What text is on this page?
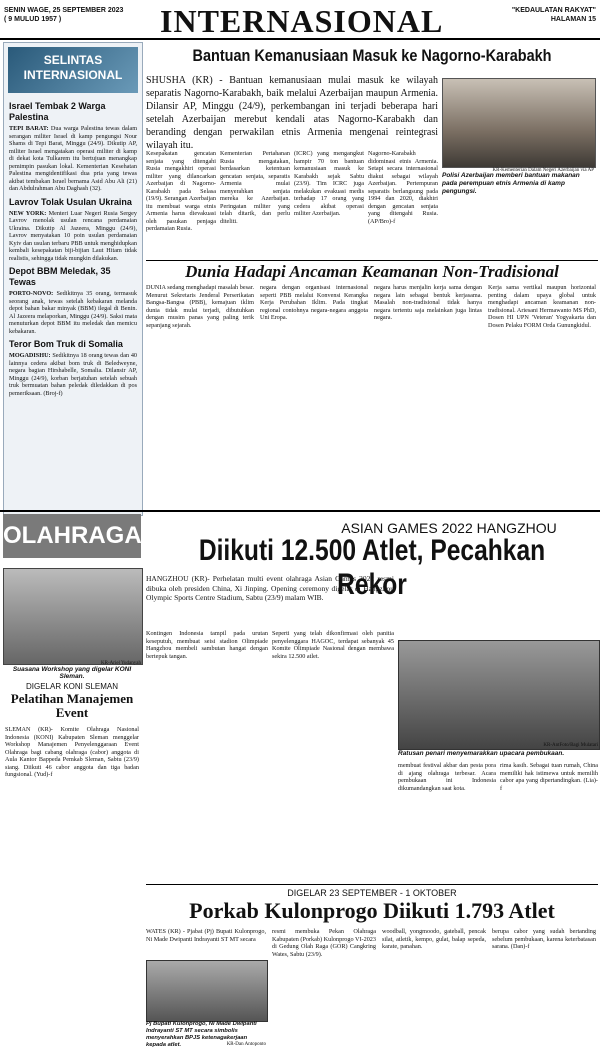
SENIN WAGE, 25 SEPTEMBER 2023
( 9 MULUD 1957 )	INTERNASIONAL	"KEDAULATAN RAKYAT"
HALAMAN 15
SELINTAS INTERNASIONAL
Israel Tembak 2 Warga Palestina
TEPI BARAT: Dua warga Palestina tewas dalam serangan militer Israel di kamp pengungsi Nour Shams di Tepi Barat, Minggu (24/9). Dikutip AP, militer Israel mengatakan operasi militer di kamp di dekat kota Tulkarem itu bertujuan menangkap pemimpin pasukan lokal. Kementerian Kesehatan Palestina mengidentifikasi dua pria yang tewas akibat tembakan Israel bernama Asid Abu Ali (21) dan Abdulrahman Abu Daghash (32).
Lavrov Tolak Usulan Ukraina
NEW YORK: Menteri Luar Negeri Rusia Sergey Lavrov menolak usulan rencana perdamaian Ukraina. Dikutip Al Jazeera, Minggu (24/9), Lavrov menyatakan 10 poin usulan perdamaian Kyiv dan usulan terbaru PBB untuk menghidupkan kembali kesepakatan biji-bijian Laut Hitam tidak realistis, sehingga tidak mungkin dilakukan.
Depot BBM Meledak, 35 Tewas
PORTO-NOVO: Sedikitnya 35 orang, termasuk seorang anak, tewas setelah kebakaran melanda depot bahan bakar minyak (BBM) ilegal di Benin. Al Jazeera melaporkan, Minggu (24/9). Saksi mata menuturkan depot BBM itu meledak dan memicu kebakaran.
Teror Bom Truk di Somalia
MOGADISHU: Sedikitnya 18 orang tewas dan 40 lainnya cedera akibat bom truk di Beledweyne, negara bagian Hirshabelle, Somalia. Dilansir AP, Minggu (24/9), korban berjatuhan setelah sebuah truk bermuatan bahan peledak diledakkan di pos pemeriksaan. (Broj-f)
Bantuan Kemanusiaan Masuk ke Nagorno-Karabakh
SHUSHA (KR) - Bantuan kemanusiaan mulai masuk ke wilayah separatis Nagorno-Karabakh, baik melalui Azerbaijan maupun Armenia. Dilansir AP, Minggu (24/9), perkembangan ini terjadi beberapa hari setelah Azerbaijan merebut kendali atas Nagorno-Karabakh dan beranding dengan perwakilan etnis Armenia mengenai reintegrasi wilayah itu.
KR-Kementerian Dalam Negeri Azerbaijan via AP
Polisi Azerbaijan memberi bantuan makanan pada perempuan etnis Armenia di kamp pengungsi.
Kesepakatan gencatan senjata yang ditengahi Rusia mengakhiri operasi militer yang dilancarkan Azerbaijan di Nagorno-Karabakh pada Selasa (19/9). Serangan Azerbaijan itu membuat warga etnis Armenia harus dievakuasi oleh pasukan penjaga perdamaian Rusia.
Kementerian Pertahanan Rusia mengatakan, berdasarkan ketentuan gencatan senjata, separatis Armenia mulai menyerahkan senjata mereka ke Azerbaijan. Peringatan militer yang telah ditarik, dan perlu diteliti.
(ICRC) yang mengangkut hampir 70 ton bantuan kemanusiaan masuk ke Karabakh sejak Sabtu (23/9). Tim ICRC juga melakukan evakuasi medis terhadap 17 orang yang cedera akibat operasi militer Azerbaijan.
Nagorno-Karabakh didominasi etnis Armenia. Setapi secara internasional diakui sebagai wilayah Azerbaijan. Pertempuran separatis berlangsung pada 1994 dan 2020, diakhiri dengan gencatan senjata yang ditengahi Rusia. (AP/Bro)-f
Dunia Hadapi Ancaman Keamanan Non-Tradisional
DUNIA sedang menghadapi masalah besar. Menurut Sekretaris Jenderal Perserikatan Bangsa-Bangsa (PBB), kemajuan iklim dunia tidak mulai terjadi, dibutuhkan dengan musim panas yang paling terik sepanjang sejarah.
negara dengan organisasi internasional seperti PBB melalui Konvensi Kerangka Kerja Perubahan Iklim. Pada tingkat regional contohnya negara-negara anggota Uni Eropa.
negara harus menjalin kerja sama dengan negara lain sebagai bentuk kerjasama. Masalah non-tradisional tidak hanya negara tertentu saja melainkan juga lintas negara.
Kerja sama vertikal maupun horizontal penting dalam upaya global untuk menghadapi ancaman keamanan non-tradisional. Ariesani Hermawanto MS PhD, Dosen HI UPN 'Veteran' Yogyakarta dan Dosen Pelaku FORM Orda Gunungkidul.
OLAHRAGA	ASIAN GAMES 2022 HANGZHOU
Diikuti 12.500 Atlet, Pecahkan Rekor
KR-Ariel Yudanyah
Suasana Workshop yang digelar KONI Sleman.
HANGZHOU (KR)- Perhelatan multi event olahraga Asian Games 2022 resmi dibuka oleh presiden China, Xi Jinping. Opening ceremony digelar di Hangzhou Olympic Sports Centre Stadium, Sabtu (23/9) malam WIB.
Kontingen Indonesia tampil pada urutan keseputuh, membuat seisi stadion Olimpiade Hangzhou membeli sambutan hangat dengan bertepuk tangan.
Seperti yang telah dikonfirmasi oleh panitia penyelenggara HAGOC, terdapat sebanyak 45 Komite Olimpiade Nasional dengan membawa sekira 12.500 atlet.
KR-AntFoto/Bagi Mulatari
Ratusan penari menyemarakkan upacara pembukaan.
membuat festival akbar dan pesta pora di ajang olahraga terbesar. Acara pembukaan ini Indonesia dikumandangkan saat kota.
rima kasih. Sebagai tuan rumah, China memiliki hak istimewa untuk memilih cabor apa yang dipertandingkan. (Lia)-f
DIGELAR KONI SLEMAN
Pelatihan Manajemen Event
SLEMAN (KR)- Komite Olahraga Nasional Indonesia (KONI) Kabupaten Sleman menggelar Workshop Manajemen Penyelenggaraan Event Olahraga bagi cabang olahraga (cabor) anggota di Aula Kantor Bappeda Pemkab Sleman, Sabtu (23/9) siang. Diikuti 46 cabor anggota dan tiga badan fungsional. (Yud)-f
DIGELAR 23 SEPTEMBER - 1 OKTOBER
Porkab Kulonprogo Diikuti 1.793 Atlet
WATES (KR) - Pjabat (Pj) Bupati Kulonprogo, Ni Made Dwipanti Indrayanti ST MT secara
Pj Bupati Kulonprogo, Ni Made Dwipanti Indrayanti ST MT secara simbolis menyerahkan BPJS ketenagakerjaan kepada atlet.
resmi membuka Pekan Olahraga Kabupaten (Porkab) Kulonprogo VI-2023 di Gedung Olah Raga (GOR) Cangkring Wates, Sabtu (23/9).
woodball, yongmoodo, gateball, pencak silat, atletik, kempo, gulat, balap sepeda, karate, panahan.
berupa cabor yang sudah bertanding sebelum pembukaan, karena keterbatasan sarana. (Dan)-f
KR-Dan Antoponto
